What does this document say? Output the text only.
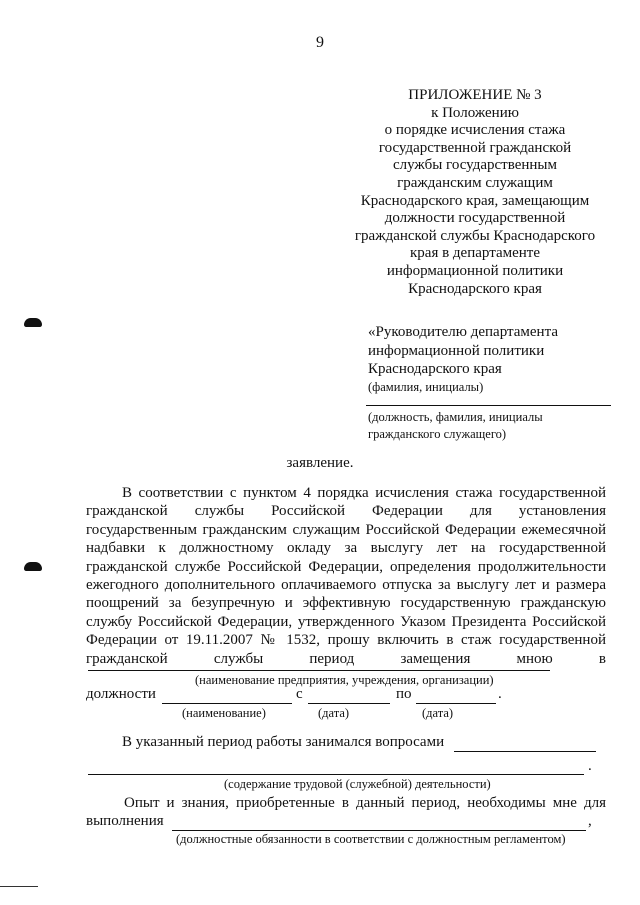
9
ПРИЛОЖЕНИЕ № 3
к Положению
о порядке исчисления стажа
государственной гражданской
службы государственным
гражданским служащим
Краснодарского края, замещающим
должности государственной
гражданской службы Краснодарского
края в департаменте
информационной политики
Краснодарского края
«Руководителю департамента
информационной политики
Краснодарского края
(фамилия, инициалы)
(должность, фамилия, инициалы
гражданского служащего)
заявление.
В соответствии с пунктом 4 порядка исчисления стажа государственной
гражданской службы Российской Федерации для установления
государственным гражданским служащим Российской Федерации ежемесячной
надбавки к должностному окладу за выслугу лет на государственной
гражданской службе Российской Федерации, определения продолжительности
ежегодного дополнительного оплачиваемого отпуска за выслугу лет и размера
поощрений за безупречную и эффективную государственную гражданскую
службу Российской Федерации, утвержденного Указом Президента Российской
Федерации от 19.11.2007 № 1532, прошу включить в стаж государственной
гражданской службы период замещения мною в
(наименование предприятия, учреждения, организации)
должности	с	по	.
(наименование)	(дата)	(дата)
В указанный период работы занимался вопросами
.
(содержание трудовой (служебной) деятельности)
Опыт и знания, приобретенные в данный период, необходимы мне для
выполнения	,
(должностные обязанности в соответствии с должностным регламентом)
